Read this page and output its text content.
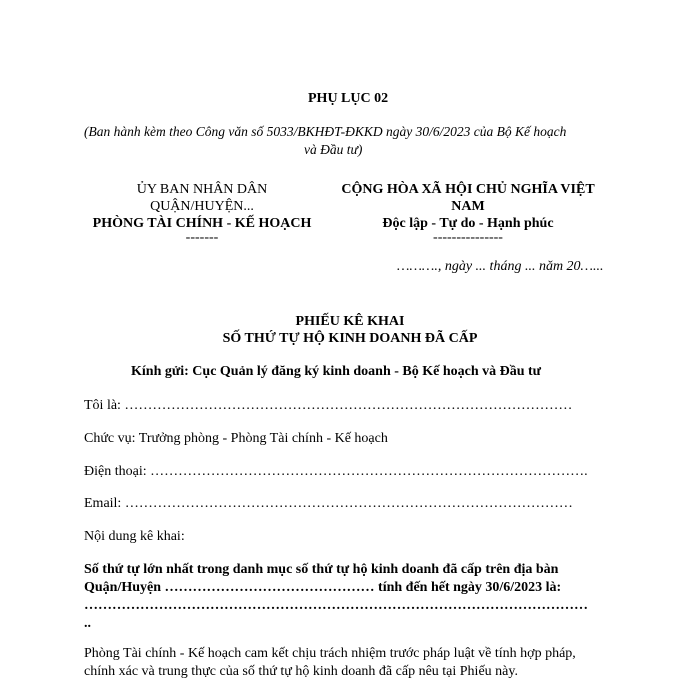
PHỤ LỤC 02

(Ban hành kèm theo Công văn số 5033/BKHĐT-ĐKKD ngày 30/6/2023 của Bộ Kế hoạch

và Đầu tư)

ỦY BAN NHÂN DÂN

QUẬN/HUYỆN...

PHÒNG TÀI CHÍNH - KẾ HOẠCH

-------

CỘNG HÒA XÃ HỘI CHỦ NGHĨA VIỆT

NAM

Độc lập - Tự do - Hạnh phúc

---------------

………., ngày ... tháng ... năm 20…...

PHIẾU KÊ KHAI

SỐ THỨ TỰ HỘ KINH DOANH ĐÃ CẤP

Kính gửi: Cục Quản lý đăng ký kinh doanh - Bộ Kế hoạch và Đầu tư

Tôi là: ……………………………………………………………………………………

Chức vụ: Trưởng phòng - Phòng Tài chính - Kế hoạch

Điện thoại: ………………………………………………………………………………….

Email: ……………………………………………………………………………………

Nội dung kê khai:

Số thứ tự lớn nhất trong danh mục số thứ tự hộ kinh doanh đã cấp trên địa bàn

Quận/Huyện ……………………………………… tính đến hết ngày 30/6/2023 là:

………………………………………………………………………………………………

..

Phòng Tài chính - Kế hoạch cam kết chịu trách nhiệm trước pháp luật về tính hợp pháp,

chính xác và trung thực của số thứ tự hộ kinh doanh đã cấp nêu tại Phiếu này.
